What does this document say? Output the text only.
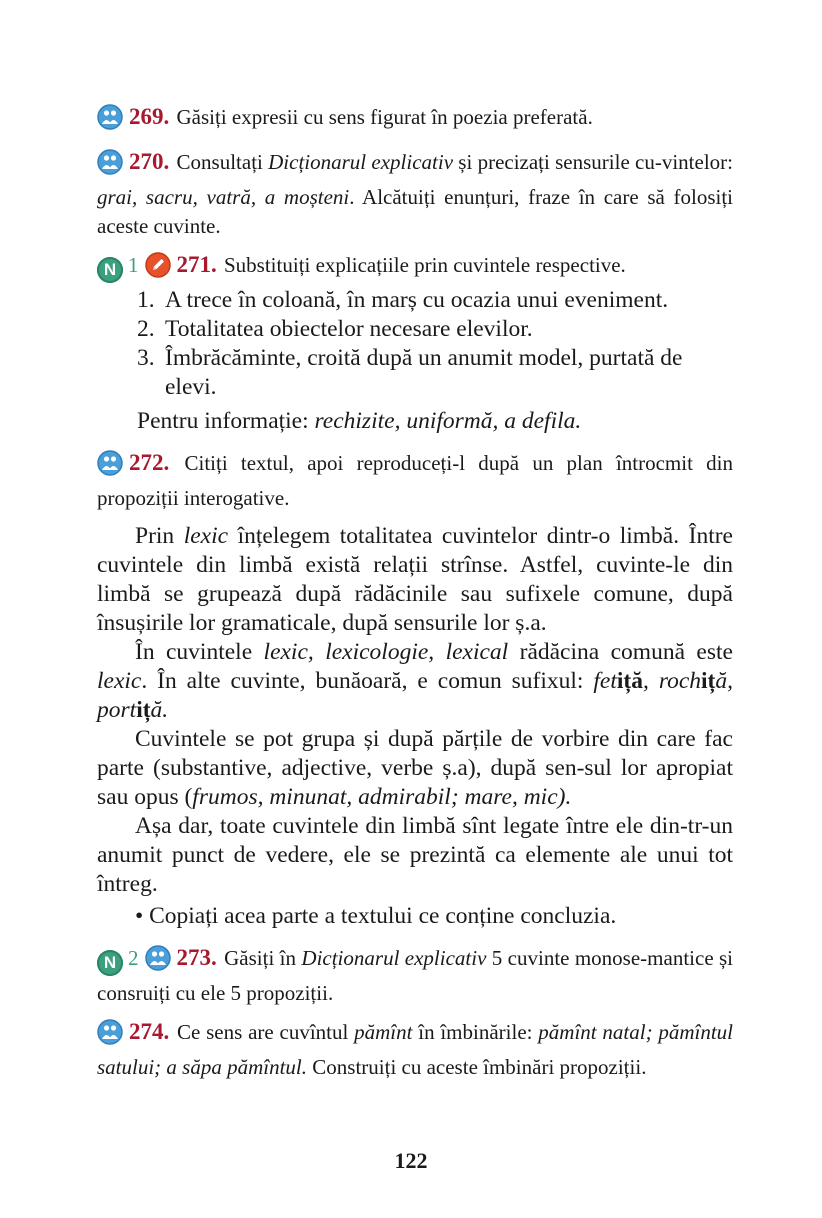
269. Găsiți expresii cu sens figurat în poezia preferată.

270. Consultați Dicționarul explicativ și precizați sensurile cu-vintelor: grai, sacru, vatră, a moșteni. Alcătuiți enunțuri, fraze în care să folosiți aceste cuvinte.

N 1 271. Substituiți explicațiile prin cuvintele respective.

1. A trece în coloană, în marș cu ocazia unui eveniment.
2. Totalitatea obiectelor necesare elevilor.
3. Îmbrăcăminte, croită după un anumit model, purtată de elevi.

Pentru informație: rechizite, uniformă, a defila.

272. Citiți textul, apoi reproduceți-l după un plan întrocmit din propoziții interogative.

Prin lexic înțelegem totalitatea cuvintelor dintr-o limbă. Între cuvintele din limbă există relații strînse. Astfel, cuvinte-le din limbă se grupează după rădăcinile sau sufixele comune, după însușirile lor gramaticale, după sensurile lor ș.a.

În cuvintele lexic, lexicologie, lexical rădăcina comună este lexic. În alte cuvinte, bunăoară, e comun sufixul: fetiță, rochiță, portiță.

Cuvintele se pot grupa și după părțile de vorbire din care fac parte (substantive, adjective, verbe ș.a), după sen-sul lor apropiat sau opus (frumos, minunat, admirabil; mare, mic).

Așa dar, toate cuvintele din limbă sînt legate între ele din-tr-un anumit punct de vedere, ele se prezintă ca elemente ale unui tot întreg.

• Copiați acea parte a textului ce conține concluzia.

N 2 273. Găsiți în Dicționarul explicativ 5 cuvinte monose-mantice și consruiți cu ele 5 propoziții.

274. Ce sens are cuvîntul pămînt în îmbinările: pămînt natal; pămîntul satului; a săpa pămîntul. Construiți cu aceste îmbinări propoziții.

122
